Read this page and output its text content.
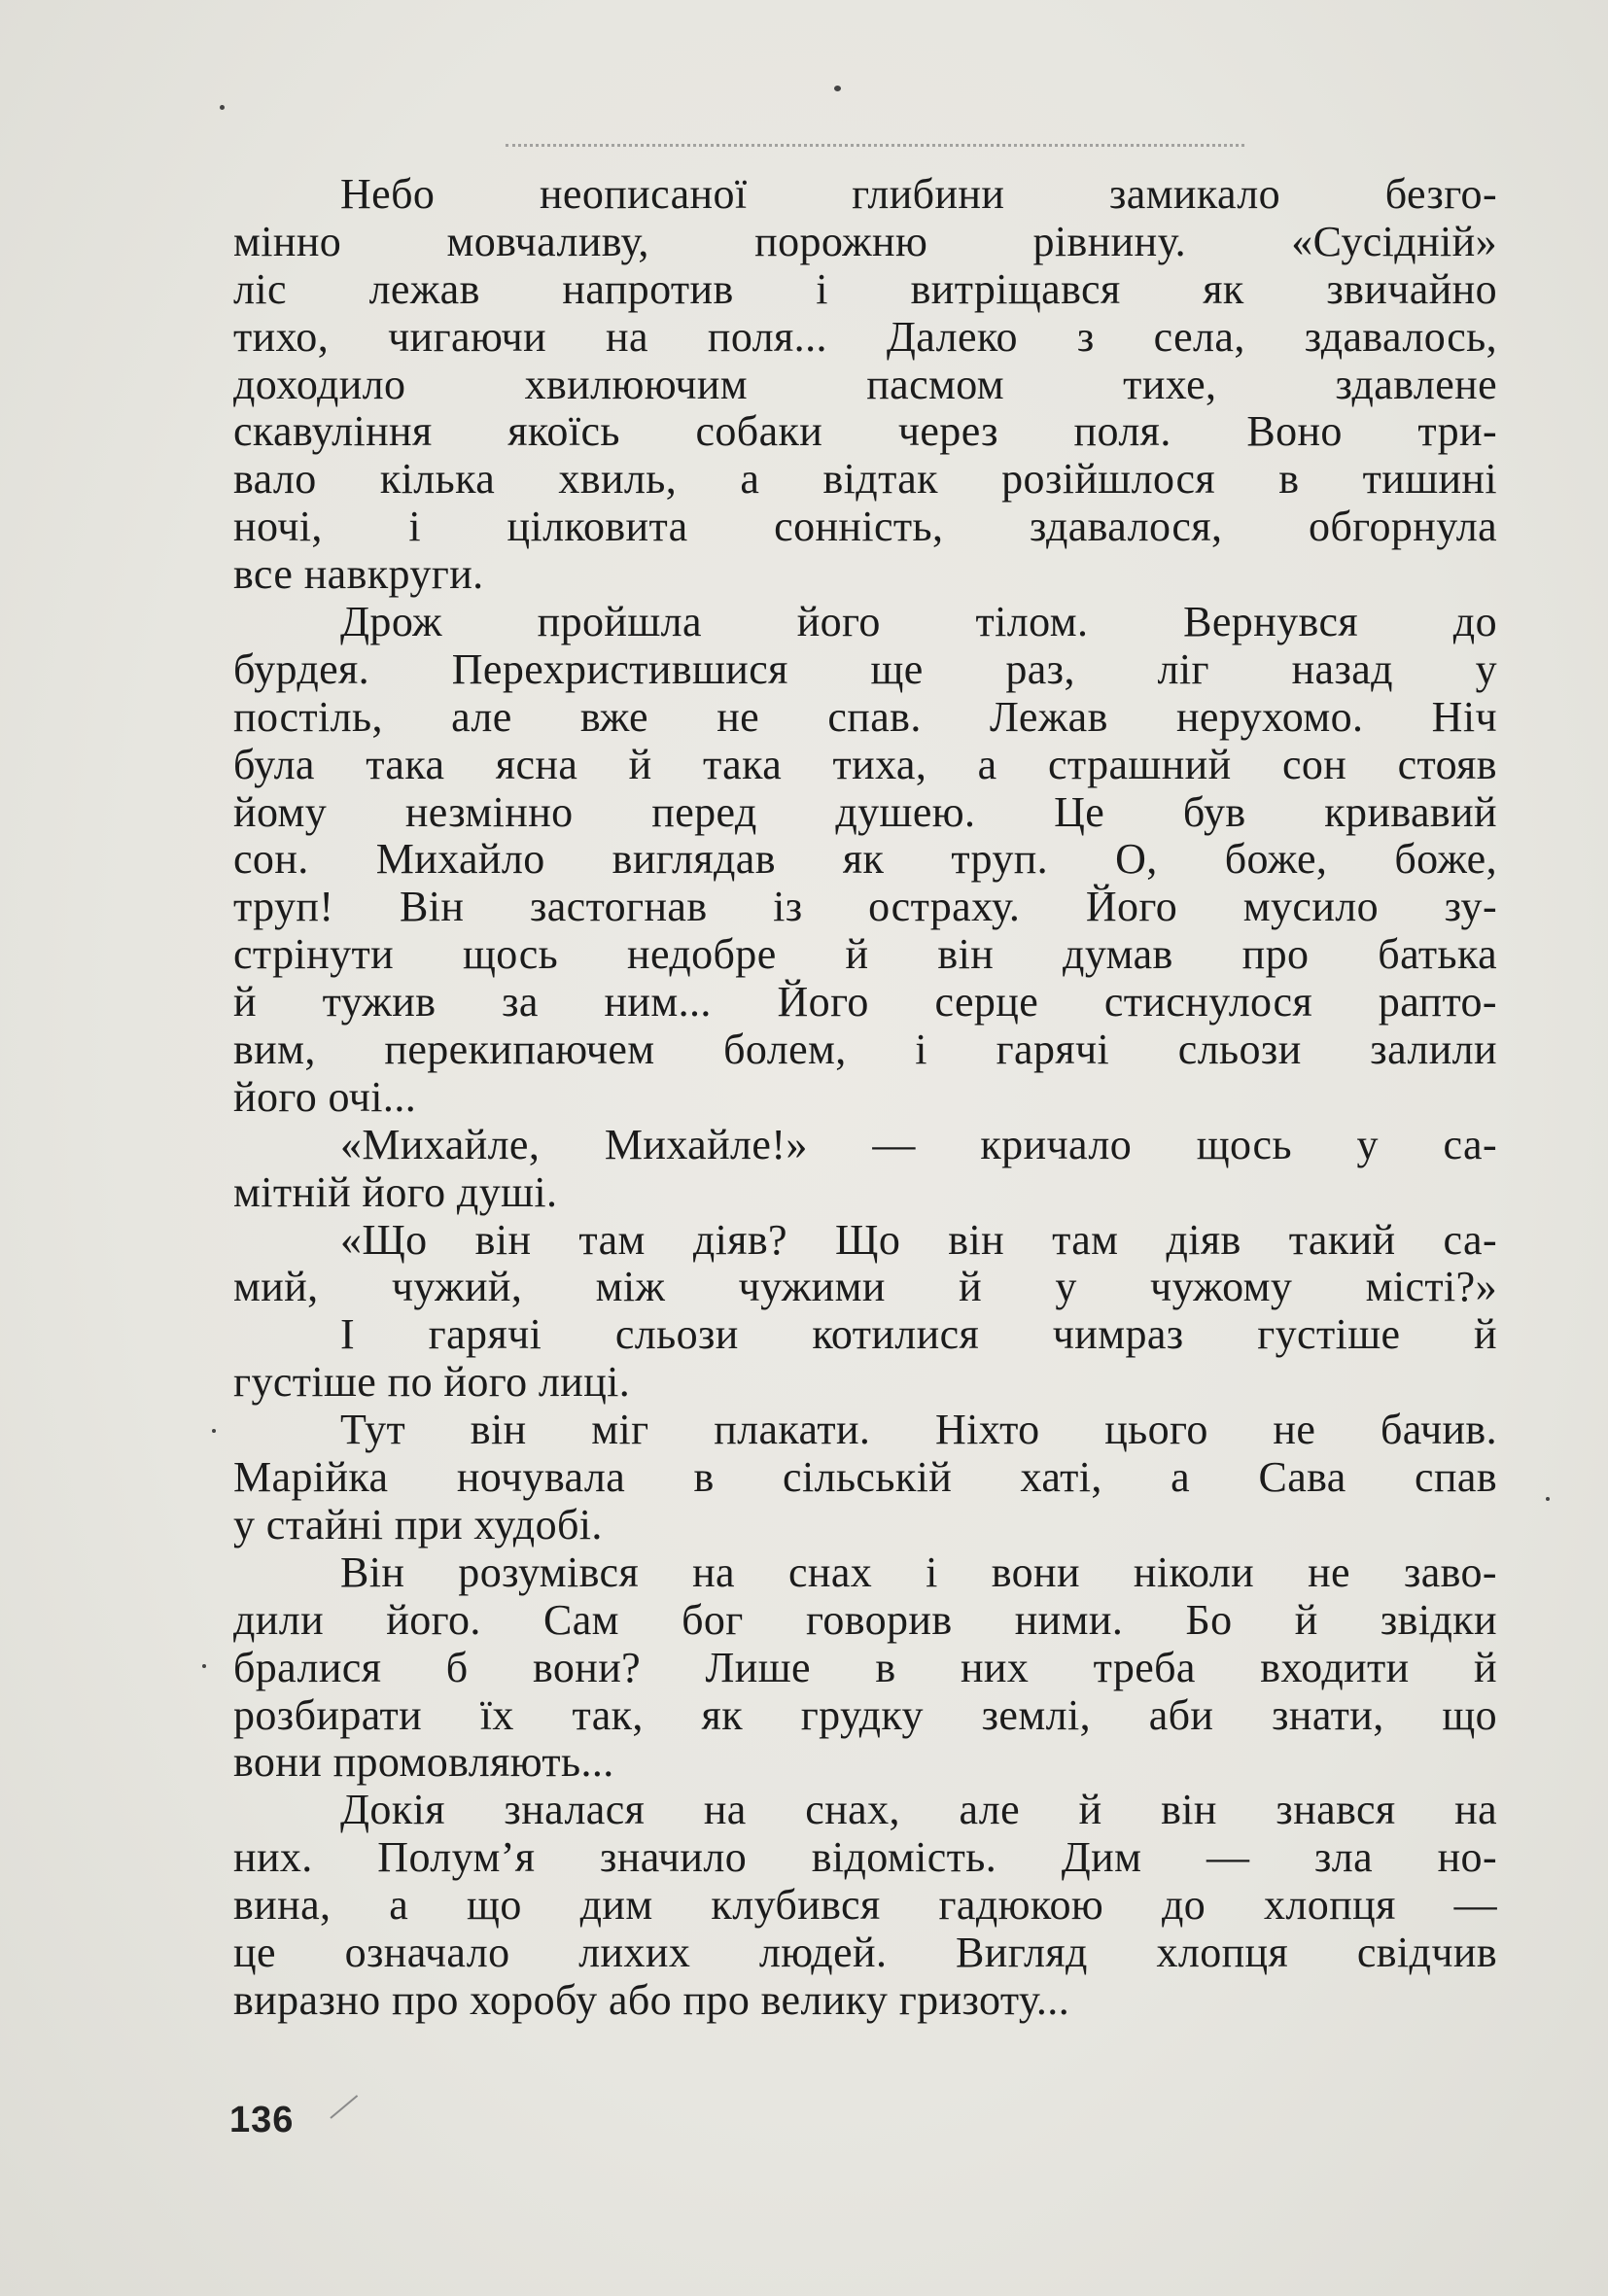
Небо неописаної глибини замикало безго-
мінно мовчаливу, порожню рівнину. «Сусідній»
ліс лежав напротив і витріщався як звичайно
тихо, чигаючи на поля... Далеко з села, здавалось,
доходило хвилюючим пасмом тихе, здавлене
скавуління якоїсь собаки через поля. Воно три-
вало кілька хвиль, а відтак розійшлося в тишині
ночі, і цілковита сонність, здавалося, обгорнула
все навкруги.
Дрож пройшла його тілом. Вернувся до
бурдея. Перехристившися ще раз, ліг назад у
постіль, але вже не спав. Лежав нерухомо. Ніч
була така ясна й така тиха, а страшний сон стояв
йому незмінно перед душею. Це був кривавий
сон. Михайло виглядав як труп. О, боже, боже,
труп! Він застогнав із остраху. Його мусило зу-
стрінути щось недобре й він думав про батька
й тужив за ним... Його серце стиснулося рапто-
вим, перекипаючем болем, і гарячі сльози залили
його очі...
«Михайле, Михайле!» — кричало щось у са-
мітній його душі.
«Що він там діяв? Що він там діяв такий са-
мий, чужий, між чужими й у чужому місті?»
І гарячі сльози котилися чимраз густіше й
густіше по його лиці.
Тут він міг плакати. Ніхто цього не бачив.
Марійка ночувала в сільській хаті, а Сава спав
у стайні при худобі.
Він розумівся на снах і вони ніколи не заво-
дили його. Сам бог говорив ними. Бо й звідки
бралися б вони? Лише в них треба входити й
розбирати їх так, як грудку землі, аби знати, що
вони промовляють...
Докія зналася на снах, але й він знався на
них. Полум’я значило відомість. Дим — зла но-
вина, а що дим клубився гадюкою до хлопця —
це означало лихих людей. Вигляд хлопця свідчив
виразно про хоробу або про велику гризоту...
136
